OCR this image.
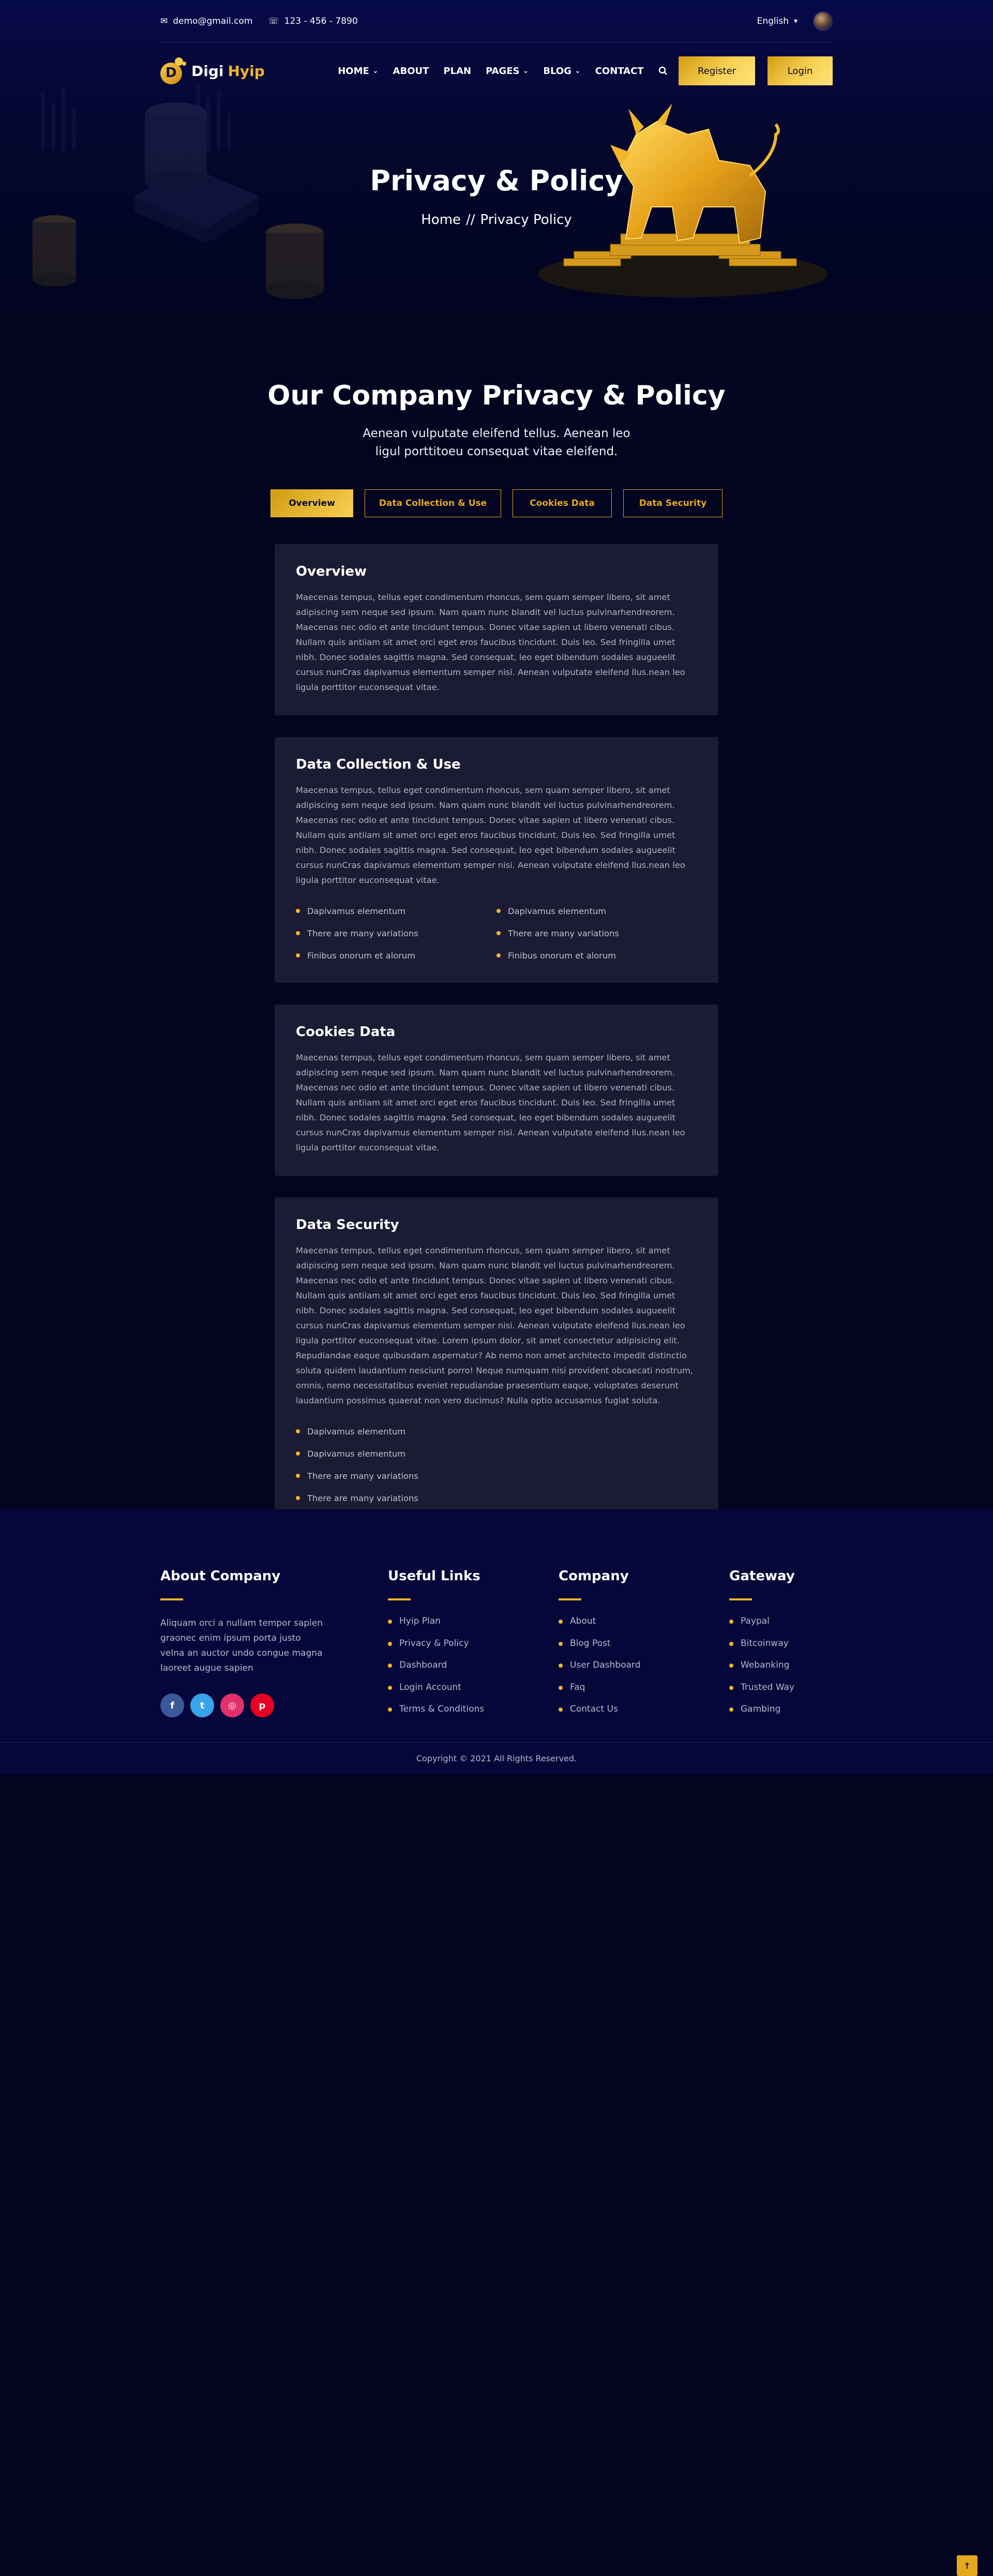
✉ demo@gmail.com ☏ 123 - 456 - 7890	English ▾
D Digi Hyip	HOME ⌄ ABOUT PLAN PAGES ⌄ BLOG ⌄ CONTACT	Register	Login
Privacy & Policy
Home // Privacy Policy
Our Company Privacy & Policy
Aenean vulputate eleifend tellus. Aenean leo ligul porttitoeu consequat vitae eleifend.
Overview	Data Collection & Use	Cookies Data	Data Security
Overview

Maecenas tempus, tellus eget condimentum rhoncus, sem quam semper libero, sit amet adipiscing sem neque sed ipsum. Nam quam nunc blandit vel luctus pulvinarhendreorem. Maecenas nec odio et ante tincidunt tempus. Donec vitae sapien ut libero venenati cibus. Nullam quis antiiam sit amet orci eget eros faucibus tincidunt. Duis leo. Sed fringilla umet nibh. Donec sodales sagittis magna. Sed consequat, leo eget bibendum sodales augueelit cursus nunCras dapivamus elementum semper nisi. Aenean vulputate eleifend llus.nean leo ligula porttitor euconsequat vitae.

Data Collection & Use

Maecenas tempus, tellus eget condimentum rhoncus, sem quam semper libero, sit amet adipiscing sem neque sed ipsum. Nam quam nunc blandit vel luctus pulvinarhendreorem. Maecenas nec odio et ante tincidunt tempus. Donec vitae sapien ut libero venenati cibus. Nullam quis antiiam sit amet orci eget eros faucibus tincidunt. Duis leo. Sed fringilla umet nibh. Donec sodales sagittis magna. Sed consequat, leo eget bibendum sodales augueelit cursus nunCras dapivamus elementum semper nisi. Aenean vulputate eleifend llus.nean leo ligula porttitor euconsequat vitae.

Dapivamus elementum	Dapivamus elementum
There are many variations	There are many variations
Finibus onorum et alorum	Finibus onorum et alorum
Cookies Data

Maecenas tempus, tellus eget condimentum rhoncus, sem quam semper libero, sit amet adipiscing sem neque sed ipsum. Nam quam nunc blandit vel luctus pulvinarhendreorem. Maecenas nec odio et ante tincidunt tempus. Donec vitae sapien ut libero venenati cibus. Nullam quis antiiam sit amet orci eget eros faucibus tincidunt. Duis leo. Sed fringilla umet nibh. Donec sodales sagittis magna. Sed consequat, leo eget bibendum sodales augueelit cursus nunCras dapivamus elementum semper nisi. Aenean vulputate eleifend llus.nean leo ligula porttitor euconsequat vitae.

Data Security

Maecenas tempus, tellus eget condimentum rhoncus, sem quam semper libero, sit amet adipiscing sem neque sed ipsum. Nam quam nunc blandit vel luctus pulvinarhendreorem. Maecenas nec odio et ante tincidunt tempus. Donec vitae sapien ut libero venenati cibus. Nullam quis antiiam sit amet orci eget eros faucibus tincidunt. Duis leo. Sed fringilla umet nibh. Donec sodales sagittis magna. Sed consequat, leo eget bibendum sodales augueelit cursus nunCras dapivamus elementum semper nisi. Aenean vulputate eleifend llus.nean leo ligula porttitor euconsequat vitae. Lorem ipsum dolor, sit amet consectetur adipisicing elit. Repudiandae eaque quibusdam aspernatur? Ab nemo non amet architecto impedit distinctio soluta quidem laudantium nesciunt porro! Neque numquam nisi provident obcaecati nostrum, omnis, nemo necessitatibus eveniet repudiandae praesentium eaque, voluptates deserunt laudantium possimus quaerat non vero ducimus? Nulla optio accusamus fugiat soluta.

Dapivamus elementum
Dapivamus elementum
There are many variations
There are many variations
About Company

Aliquam orci a nullam tempor sapien graonec enim ipsum porta justo velna an auctor undo congue magna laoreet augue sapien

f	t	◎	p
Useful Links
Hyip Plan
Privacy & Policy
Dashboard
Login Account
Terms & Conditions
Company
About
Blog Post
User Dashboard
Faq
Contact Us
Gateway
Paypal
Bitcoinway
Webanking
Trusted Way
Gambing
Copyright © 2021 All Rights Reserved.
↑
